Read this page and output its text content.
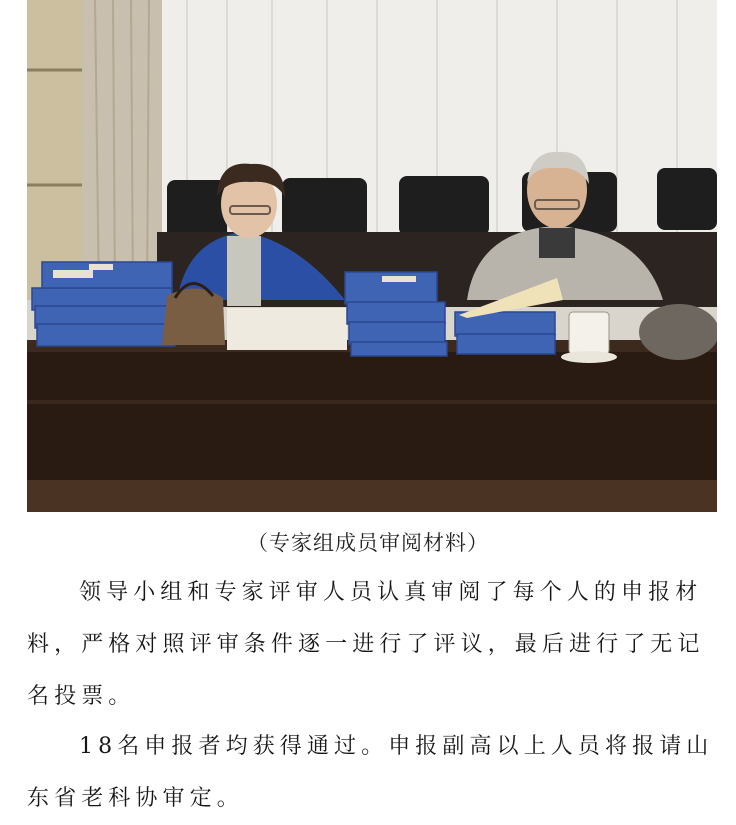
（专家组成员审阅材料）

领导小组和专家评审人员认真审阅了每个人的申报材料，严格对照评审条件逐一进行了评议，最后进行了无记名投票。

18名申报者均获得通过。申报副高以上人员将报请山东省老科协审定。
